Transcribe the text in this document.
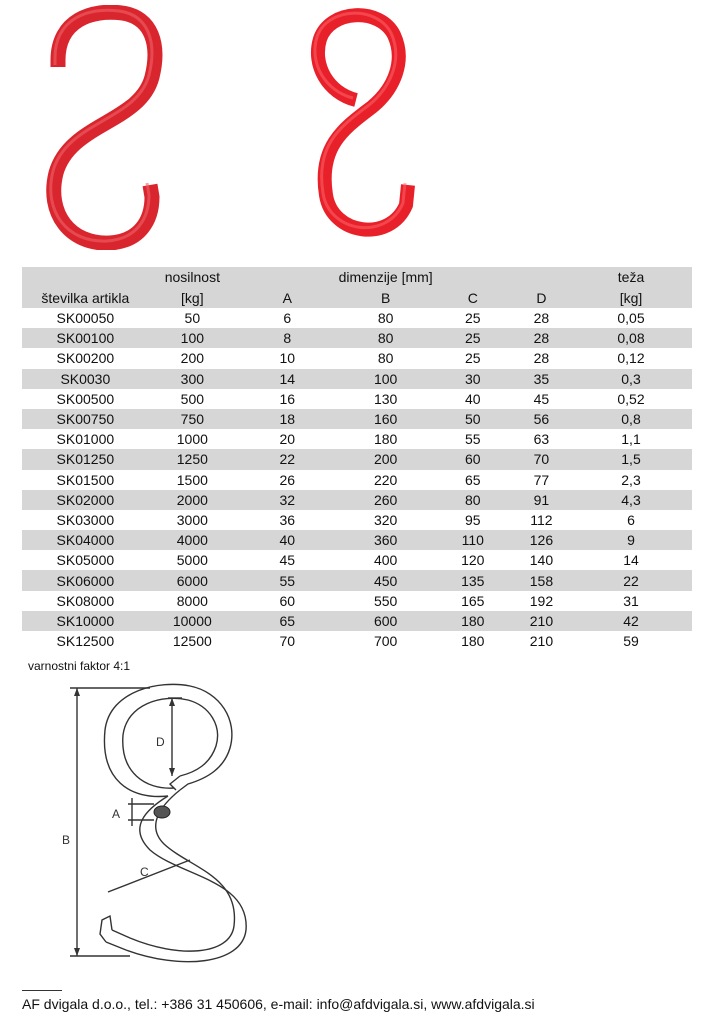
	nosilnost		dimenzije [mm]			teža
številka artikla	[kg]	A	B	C	D	[kg]
SK00050	50	6	80	25	28	0,05
SK00100	100	8	80	25	28	0,08
SK00200	200	10	80	25	28	0,12
SK0030	300	14	100	30	35	0,3
SK00500	500	16	130	40	45	0,52
SK00750	750	18	160	50	56	0,8
SK01000	1000	20	180	55	63	1,1
SK01250	1250	22	200	60	70	1,5
SK01500	1500	26	220	65	77	2,3
SK02000	2000	32	260	80	91	4,3
SK03000	3000	36	320	95	112	6
SK04000	4000	40	360	110	126	9
SK05000	5000	45	400	120	140	14
SK06000	6000	55	450	135	158	22
SK08000	8000	60	550	165	192	31
SK10000	10000	65	600	180	210	42
SK12500	12500	70	700	180	210	59
varnostni faktor 4:1
B
D
A
C
AF dvigala d.o.o., tel.: +386 31 450606, e-mail: info@afdvigala.si, www.afdvigala.si
